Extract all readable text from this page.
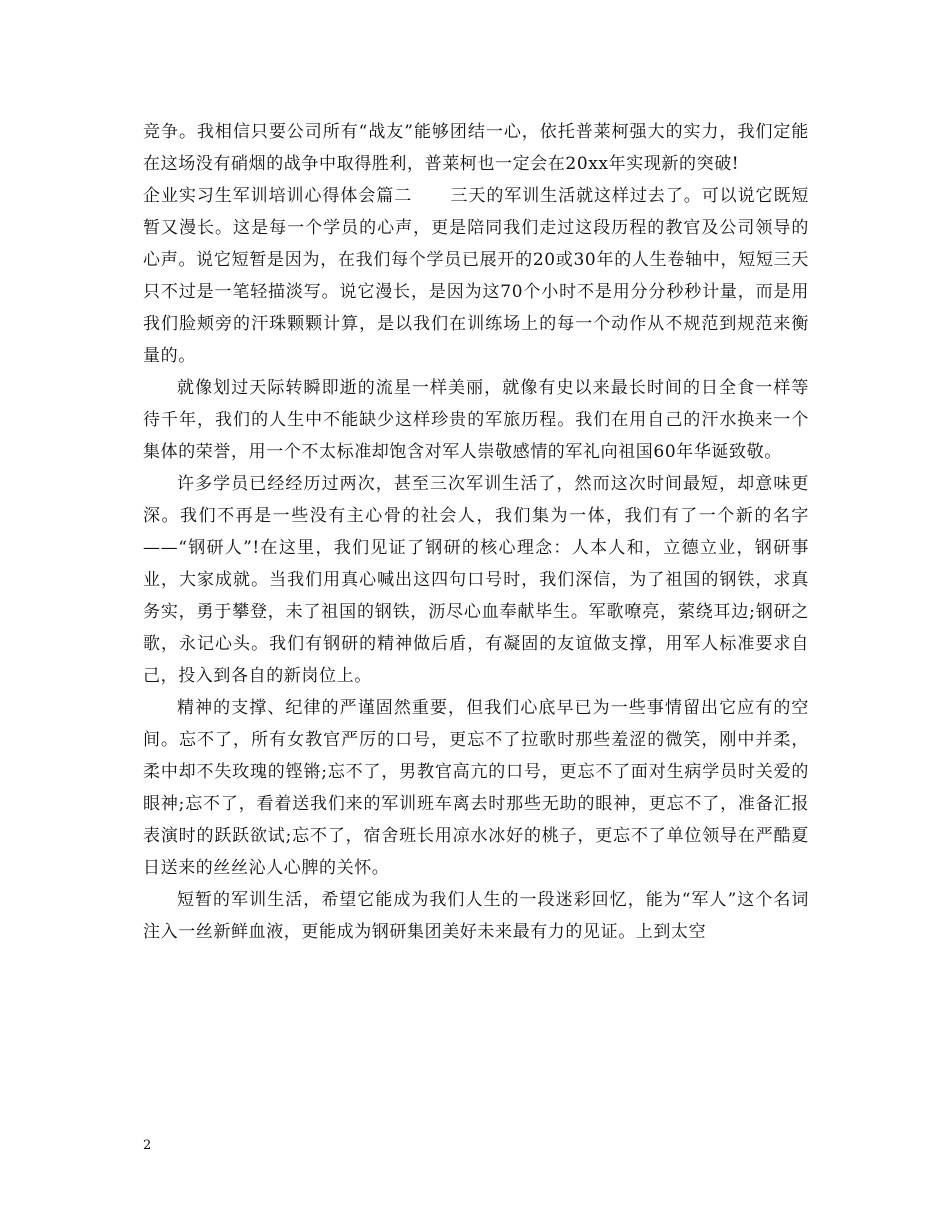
竞争。我相信只要公司所有“战友”能够团结一心，依托普莱柯强大的实力，我们定能在这场没有硝烟的战争中取得胜利，普莱柯也一定会在20xx年实现新的突破!

企业实习生军训培训心得体会篇二 三天的军训生活就这样过去了。可以说它既短暂又漫长。这是每一个学员的心声，更是陪同我们走过这段历程的教官及公司领导的心声。说它短暂是因为，在我们每个学员已展开的20或30年的人生卷轴中，短短三天只不过是一笔轻描淡写。说它漫长，是因为这70个小时不是用分分秒秒计量，而是用我们脸颊旁的汗珠颗颗计算，是以我们在训练场上的每一个动作从不规范到规范来衡量的。

就像划过天际转瞬即逝的流星一样美丽，就像有史以来最长时间的日全食一样等待千年，我们的人生中不能缺少这样珍贵的军旅历程。我们在用自己的汗水换来一个集体的荣誉，用一个不太标准却饱含对军人崇敬感情的军礼向祖国60年华诞致敬。

许多学员已经经历过两次，甚至三次军训生活了，然而这次时间最短，却意味更深。我们不再是一些没有主心骨的社会人，我们集为一体，我们有了一个新的名字——“钢研人”!在这里，我们见证了钢研的核心理念：人本人和，立德立业，钢研事业，大家成就。当我们用真心喊出这四句口号时，我们深信，为了祖国的钢铁，求真务实，勇于攀登，未了祖国的钢铁，沥尽心血奉献毕生。军歌嘹亮，萦绕耳边;钢研之歌，永记心头。我们有钢研的精神做后盾，有凝固的友谊做支撑，用军人标准要求自己，投入到各自的新岗位上。

精神的支撑、纪律的严谨固然重要，但我们心底早已为一些事情留出它应有的空间。忘不了，所有女教官严厉的口号，更忘不了拉歌时那些羞涩的微笑，刚中并柔，柔中却不失玫瑰的铿锵;忘不了，男教官高亢的口号，更忘不了面对生病学员时关爱的眼神;忘不了，看着送我们来的军训班车离去时那些无助的眼神，更忘不了，准备汇报表演时的跃跃欲试;忘不了，宿舍班长用凉水冰好的桃子，更忘不了单位领导在严酷夏日送来的丝丝沁人心脾的关怀。

短暂的军训生活，希望它能成为我们人生的一段迷彩回忆，能为“军人”这个名词注入一丝新鲜血液，更能成为钢研集团美好未来最有力的见证。上到太空

2
